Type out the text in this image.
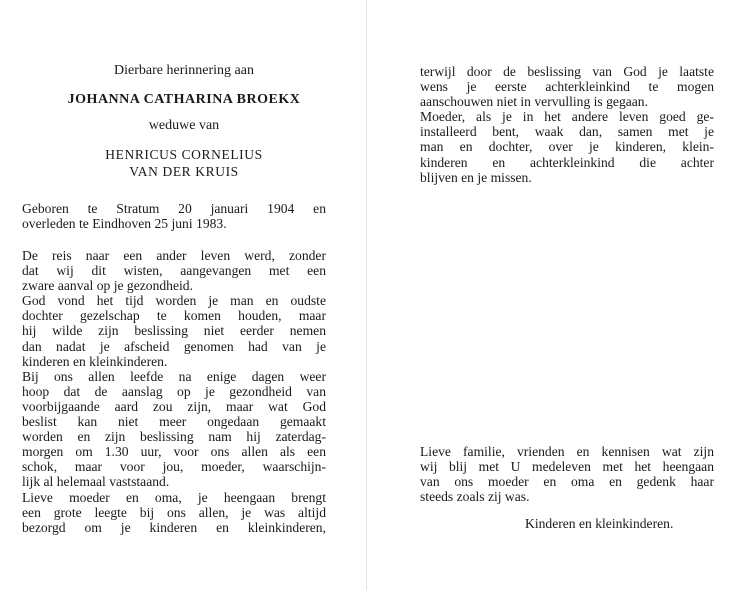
Dierbare herinnering aan
JOHANNA CATHARINA BROEKX
weduwe van
HENRICUS CORNELIUS
VAN DER KRUIS
Geboren te Stratum 20 januari 1904 en
overleden te Eindhoven 25 juni 1983.
De reis naar een ander leven werd, zonder
dat wij dit wisten, aangevangen met een
zware aanval op je gezondheid.
God vond het tijd worden je man en oudste
dochter gezelschap te komen houden, maar
hij wilde zijn beslissing niet eerder nemen
dan nadat je afscheid genomen had van je
kinderen en kleinkinderen.
Bij ons allen leefde na enige dagen weer
hoop dat de aanslag op je gezondheid van
voorbijgaande aard zou zijn, maar wat God
beslist kan niet meer ongedaan gemaakt
worden en zijn beslissing nam hij zaterdag-
morgen om 1.30 uur, voor ons allen als een
schok, maar voor jou, moeder, waarschijn-
lijk al helemaal vaststaand.
Lieve moeder en oma, je heengaan brengt
een grote leegte bij ons allen, je was altijd
bezorgd om je kinderen en kleinkinderen,
terwijl door de beslissing van God je laatste
wens je eerste achterkleinkind te mogen
aanschouwen niet in vervulling is gegaan.
Moeder, als je in het andere leven goed ge-
installeerd bent, waak dan, samen met je
man en dochter, over je kinderen, klein-
kinderen en achterkleinkind die achter
blijven en je missen.
Lieve familie, vrienden en kennisen wat zijn
wij blij met U medeleven met het heengaan
van ons moeder en oma en gedenk haar
steeds zoals zij was.
Kinderen en kleinkinderen.
